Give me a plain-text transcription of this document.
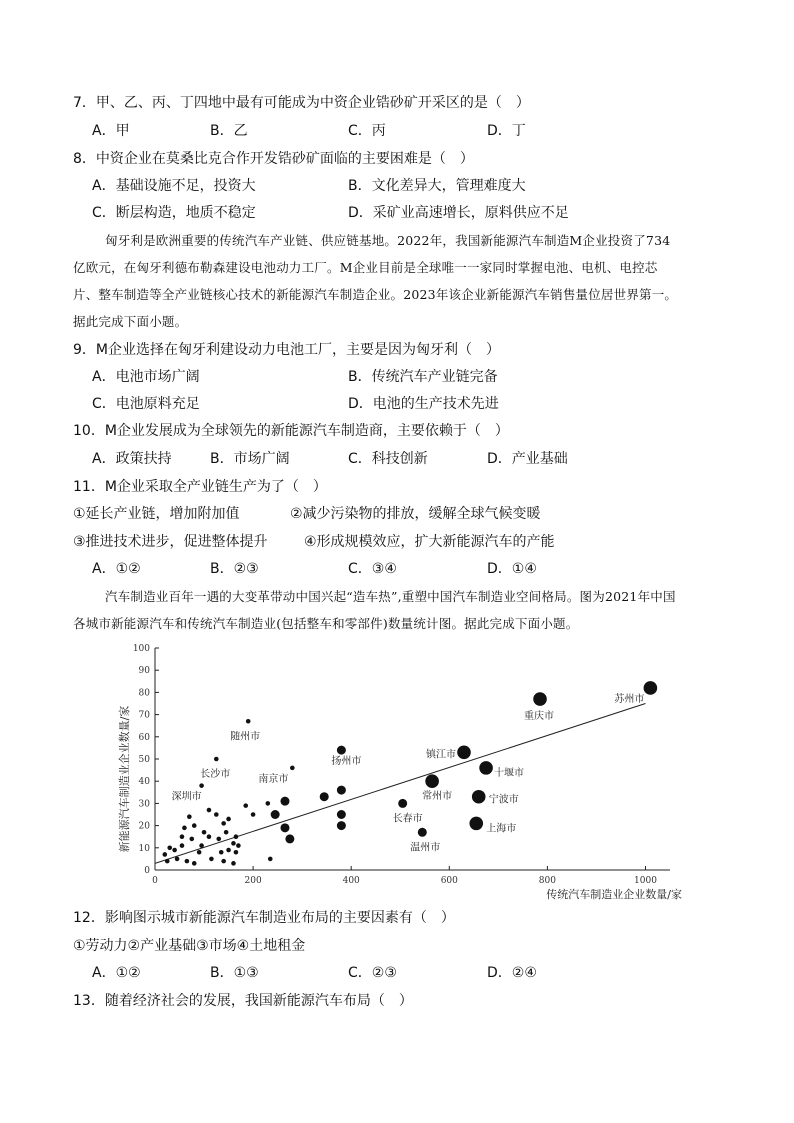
7．甲、乙、丙、丁四地中最有可能成为中资企业锆砂矿开采区的是（　）
A．甲	B．乙	C．丙	D．丁
8．中资企业在莫桑比克合作开发锆砂矿面临的主要困难是（　）
A．基础设施不足，投资大	B．文化差异大，管理难度大
C．断层构造，地质不稳定	D．采矿业高速增长，原料供应不足
匈牙利是欧洲重要的传统汽车产业链、供应链基地。2022年，我国新能源汽车制造M企业投资了734
亿欧元，在匈牙利德布勒森建设电池动力工厂。M企业目前是全球唯一一家同时掌握电池、电机、电控芯
片、整车制造等全产业链核心技术的新能源汽车制造企业。2023年该企业新能源汽车销售量位居世界第一。
据此完成下面小题。
9．M企业选择在匈牙利建设动力电池工厂，主要是因为匈牙利（　）
A．电池市场广阔	B．传统汽车产业链完备
C．电池原料充足	D．电池的生产技术先进
10．M企业发展成为全球领先的新能源汽车制造商，主要依赖于（　）
A．政策扶持	B．市场广阔	C．科技创新	D．产业基础
11．M企业采取全产业链生产为了（　）
①延长产业链，增加附加值	②减少污染物的排放，缓解全球气候变暖
③推进技术进步，促进整体提升	④形成规模效应，扩大新能源汽车的产能
A．①②	B．②③	C．③④	D．①④
汽车制造业百年一遇的大变革带动中国兴起“造车热”,重塑中国汽车制造业空间格局。图为2021年中国
各城市新能源汽车和传统汽车制造业(包括整车和零部件)数量统计图。据此完成下面小题。
0
10
20
30
40
50
60
70
80
90
100
0	200	400	600	800	1000
传统汽车制造业企业数量/家
新能源汽车制造业企业数量/家
苏州市
重庆市
镇江市
十堰市
常州市	宁波市
上海市
长春市
温州市
扬州市
南京市
随州市
长沙市
深圳市
12．影响图示城市新能源汽车制造业布局的主要因素有（　）
①劳动力②产业基础③市场④土地租金
A．①②	B．①③	C．②③	D．②④
13．随着经济社会的发展，我国新能源汽车布局（　）
